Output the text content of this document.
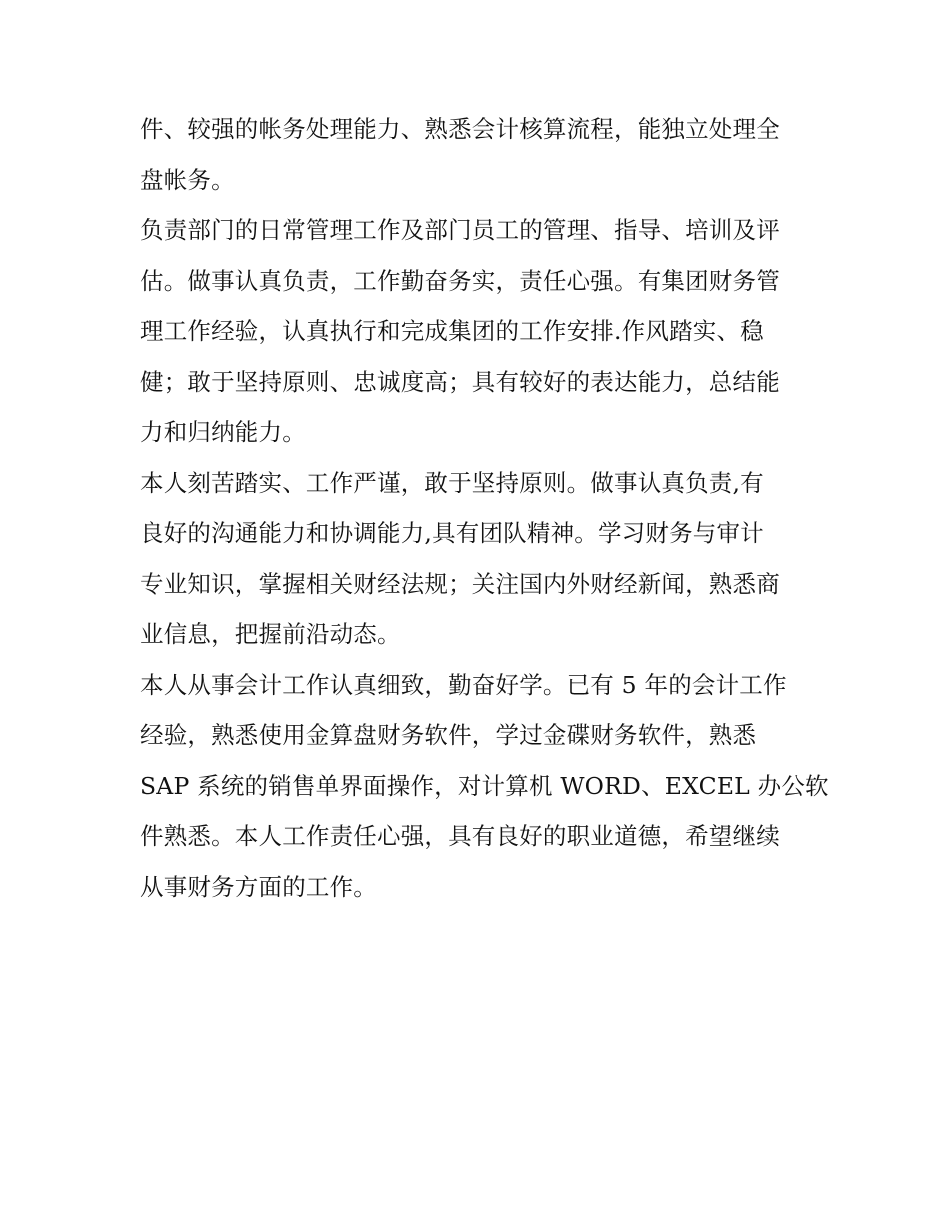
件、较强的帐务处理能力、熟悉会计核算流程，能独立处理全
盘帐务。
负责部门的日常管理工作及部门员工的管理、指导、培训及评
估。做事认真负责，工作勤奋务实，责任心强。有集团财务管
理工作经验，认真执行和完成集团的工作安排.作风踏实、稳
健；敢于坚持原则、忠诚度高；具有较好的表达能力，总结能
力和归纳能力。
本人刻苦踏实、工作严谨，敢于坚持原则。做事认真负责,有
良好的沟通能力和协调能力,具有团队精神。学习财务与审计
专业知识，掌握相关财经法规；关注国内外财经新闻，熟悉商
业信息，把握前沿动态。
本人从事会计工作认真细致，勤奋好学。已有 5 年的会计工作
经验，熟悉使用金算盘财务软件，学过金碟财务软件，熟悉
SAP 系统的销售单界面操作，对计算机 WORD、EXCEL 办公软
件熟悉。本人工作责任心强，具有良好的职业道德，希望继续
从事财务方面的工作。
